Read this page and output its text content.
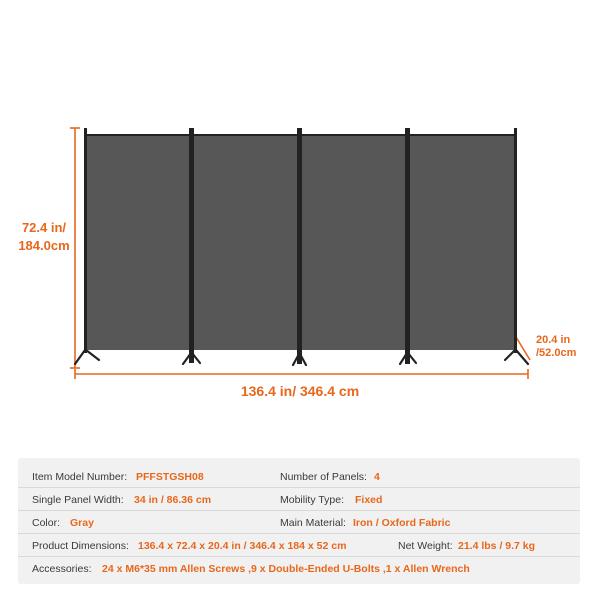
72.4 in/
184.0cm
136.4 in/ 346.4 cm
20.4 in
/52.0cm
Item Model Number: PFFSTGSH08	Number of Panels: 4
Single Panel Width: 34 in / 86.36 cm	Mobility Type: Fixed
Color: Gray	Main Material: Iron / Oxford Fabric
Product Dimensions: 136.4 x 72.4 x 20.4 in / 346.4 x 184 x 52 cm	Net Weight: 21.4 lbs / 9.7 kg
Accessories: 24 x M6*35 mm Allen Screws ,9 x Double-Ended U-Bolts ,1 x Allen Wrench
